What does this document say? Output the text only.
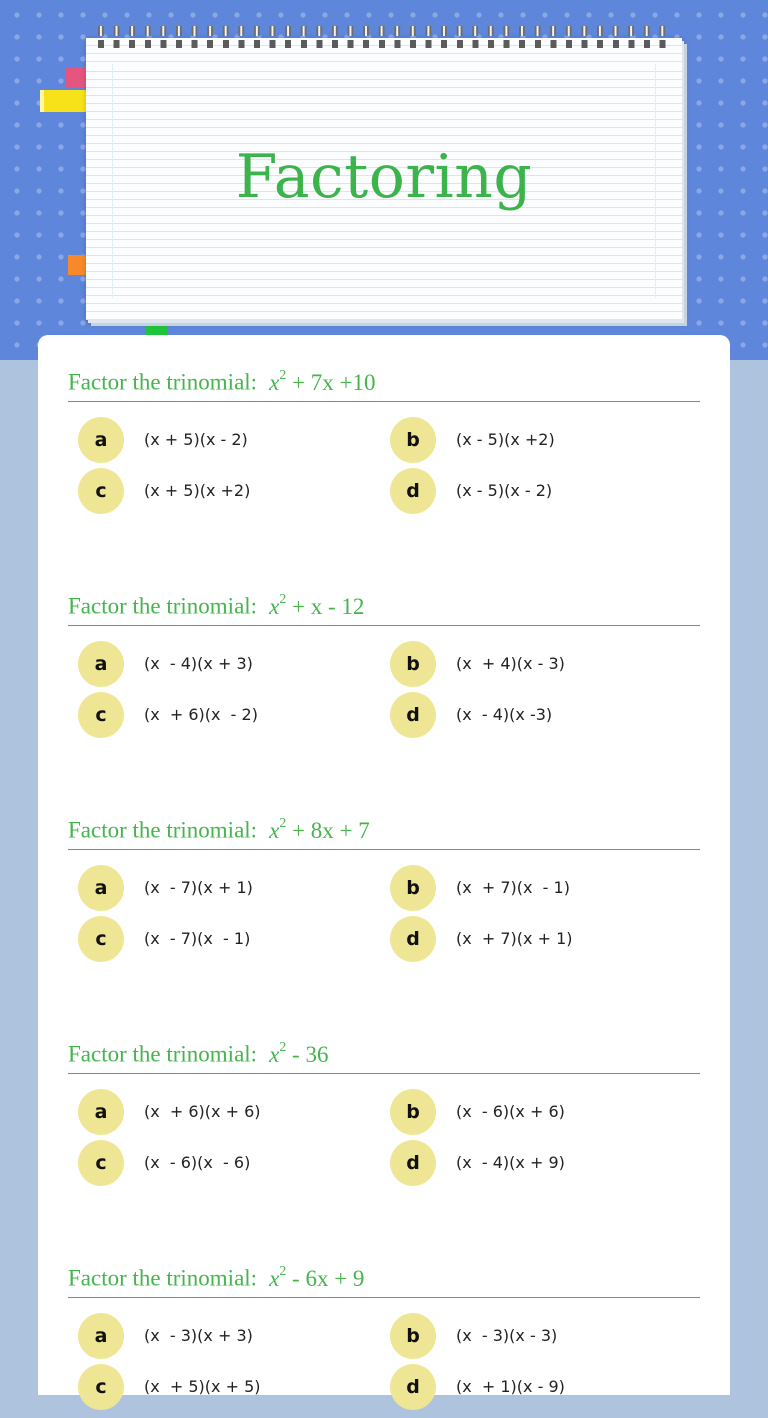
Factoring
Factor the trinomial: $x^2 + 7x +10$
a	(x + 5)(x - 2)	b	(x - 5)(x +2)
c	(x + 5)(x +2)	d	(x - 5)(x - 2)
Factor the trinomial: $x^2 + x - 12$
a	(x  - 4)(x + 3)	b	(x  + 4)(x - 3)
c	(x  + 6)(x  - 2)	d	(x  - 4)(x -3)
Factor the trinomial: $x^2 + 8x + 7$
a	(x  - 7)(x + 1)	b	(x  + 7)(x  - 1)
c	(x  - 7)(x  - 1)	d	(x  + 7)(x + 1)
Factor the trinomial: $x^2 - 36$
a	(x  + 6)(x + 6)	b	(x  - 6)(x + 6)
c	(x  - 6)(x  - 6)	d	(x  - 4)(x + 9)
Factor the trinomial: $x^2 - 6x + 9$
a	(x  - 3)(x + 3)	b	(x  - 3)(x - 3)
c	(x  + 5)(x + 5)	d	(x  + 1)(x - 9)
